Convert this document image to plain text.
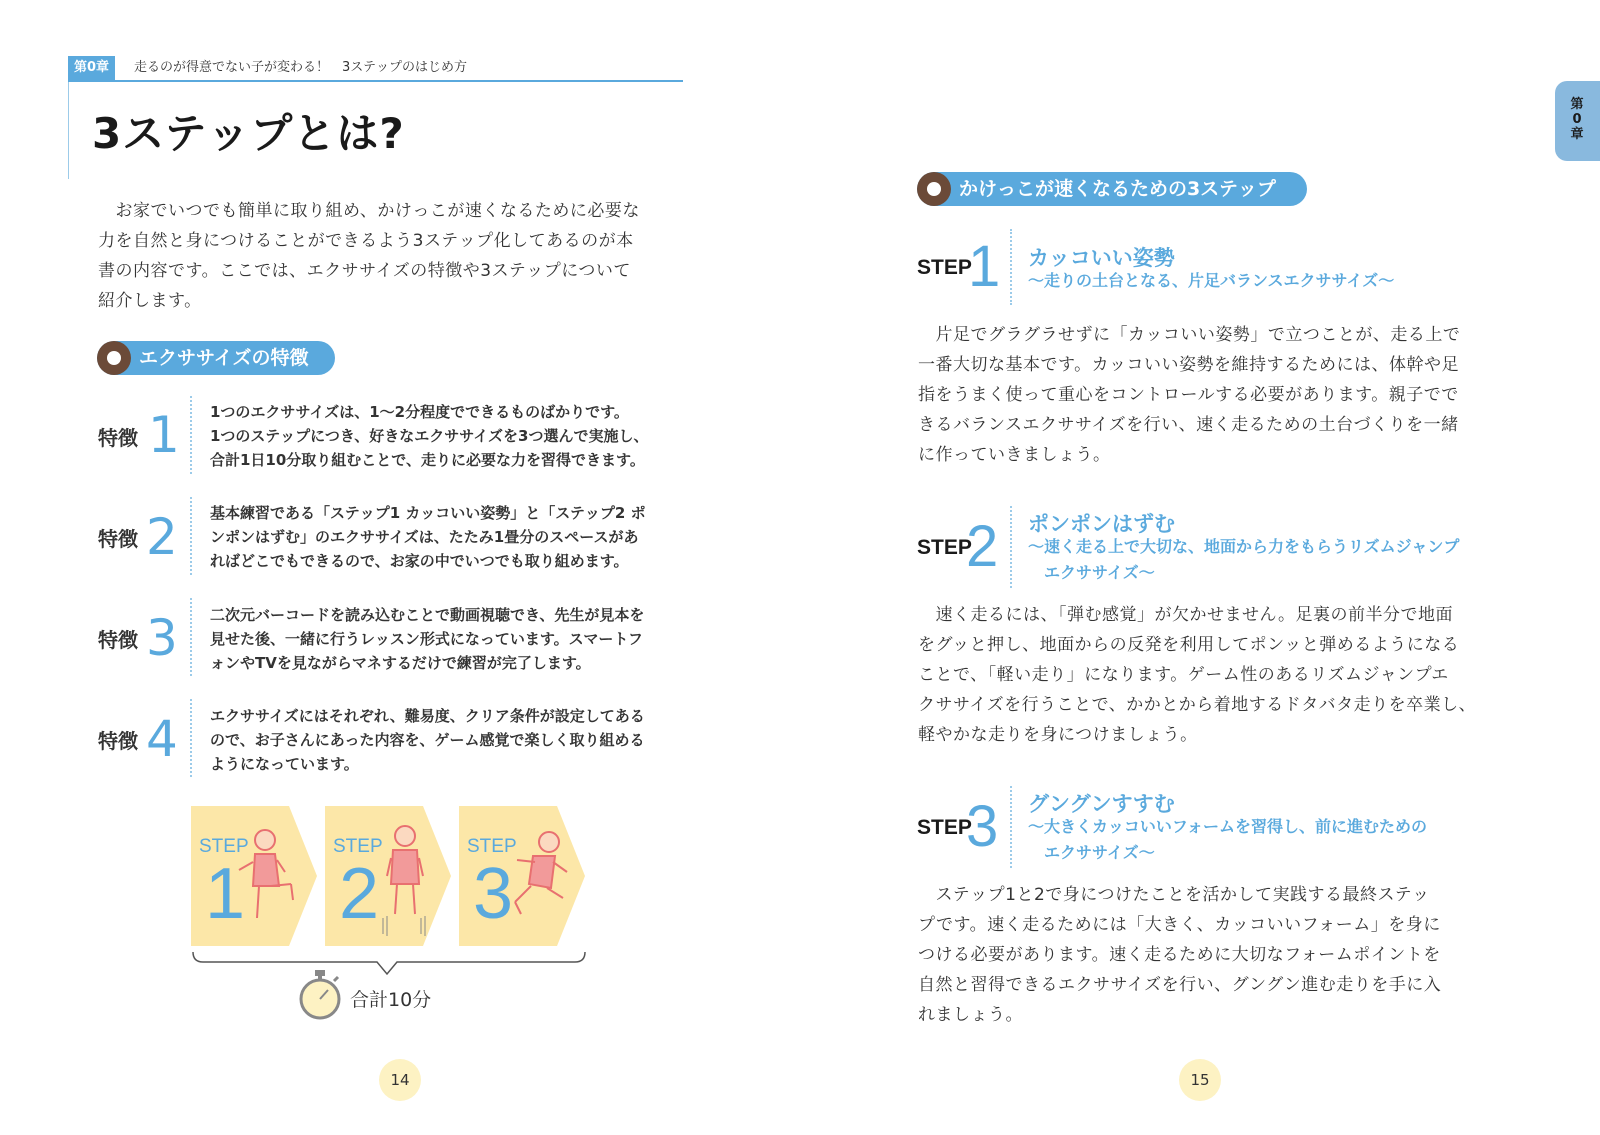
第0章	走るのが得意でない子が変わる！　3ステップのはじめ方
3ステップとは?
　お家でいつでも簡単に取り組め、かけっこが速くなるために必要な
力を自然と身につけることができるよう3ステップ化してあるのが本
書の内容です。ここでは、エクササイズの特徴や3ステップについて
紹介します。
エクササイズの特徴
特徴 1 1つのエクササイズは、1〜2分程度でできるものばかりです。
1つのステップにつき、好きなエクササイズを3つ選んで実施し、
合計1日10分取り組むことで、走りに必要な力を習得できます。
特徴 2 基本練習である「ステップ1 カッコいい姿勢」と「ステップ2 ポ
ンポンはずむ」のエクササイズは、たたみ1畳分のスペースがあ
ればどこでもできるので、お家の中でいつでも取り組めます。
特徴 3 二次元バーコードを読み込むことで動画視聴でき、先生が見本を
見せた後、一緒に行うレッスン形式になっています。スマートフ
ォンやTVを見ながらマネするだけで練習が完了します。
特徴 4 エクササイズにはそれぞれ、難易度、クリア条件が設定してある
ので、お子さんにあった内容を、ゲーム感覚で楽しく取り組める
ようになっています。
STEP
1
STEP
2
STEP
3
合計10分
14
第
0
章
かけっこが速くなるための3ステップ
STEP
1 カッコいい姿勢
〜走りの土台となる、片足バランスエクササイズ〜
　片足でグラグラせずに「カッコいい姿勢」で立つことが、走る上で
一番大切な基本です。カッコいい姿勢を維持するためには、体幹や足
指をうまく使って重心をコントロールする必要があります。親子でで
きるバランスエクササイズを行い、速く走るための土台づくりを一緒
に作っていきましょう。
STEP
2 ポンポンはずむ
〜速く走る上で大切な、地面から力をもらうリズムジャンプ
　エクササイズ〜
　速く走るには、「弾む感覚」が欠かせません。足裏の前半分で地面
をグッと押し、地面からの反発を利用してポンッと弾めるようになる
ことで、「軽い走り」になります。ゲーム性のあるリズムジャンプエ
クササイズを行うことで、かかとから着地するドタバタ走りを卒業し、
軽やかな走りを身につけましょう。
STEP
3 グングンすすむ
〜大きくカッコいいフォームを習得し、前に進むための
　エクササイズ〜
　ステップ1と2で身につけたことを活かして実践する最終ステッ
プです。速く走るためには「大きく、カッコいいフォーム」を身に
つける必要があります。速く走るために大切なフォームポイントを
自然と習得できるエクササイズを行い、グングン進む走りを手に入
れましょう。
15
